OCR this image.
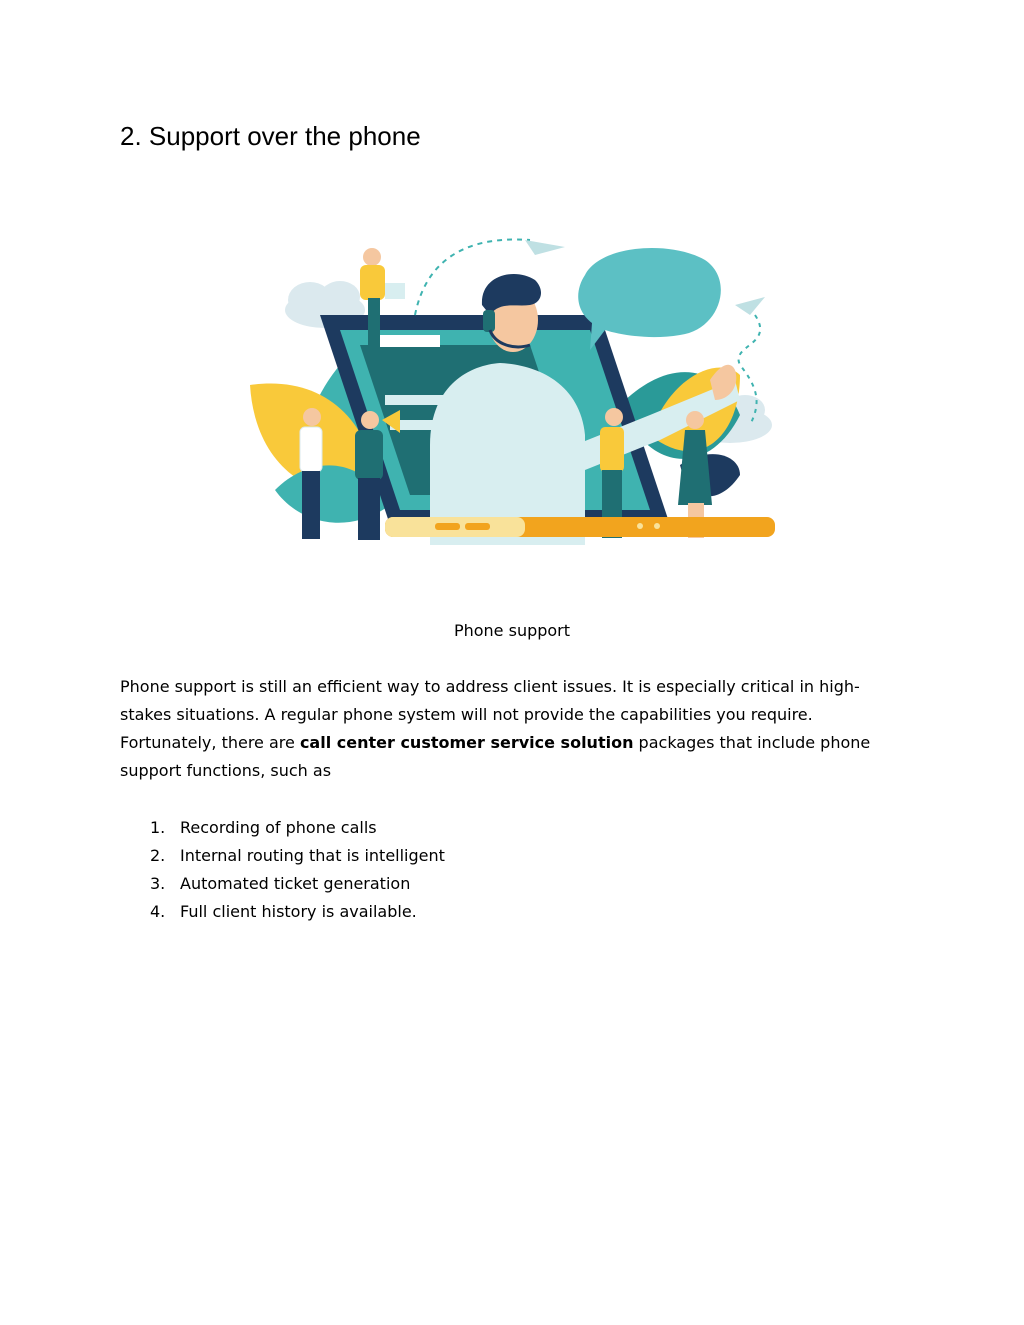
2. Support over the phone
Phone support

Phone support is still an efficient way to address client issues. It is especially critical in high-stakes situations. A regular phone system will not provide the capabilities you require. Fortunately, there are call center customer service solution packages that include phone support functions, such as

1. Recording of phone calls
2. Internal routing that is intelligent
3. Automated ticket generation
4. Full client history is available.
